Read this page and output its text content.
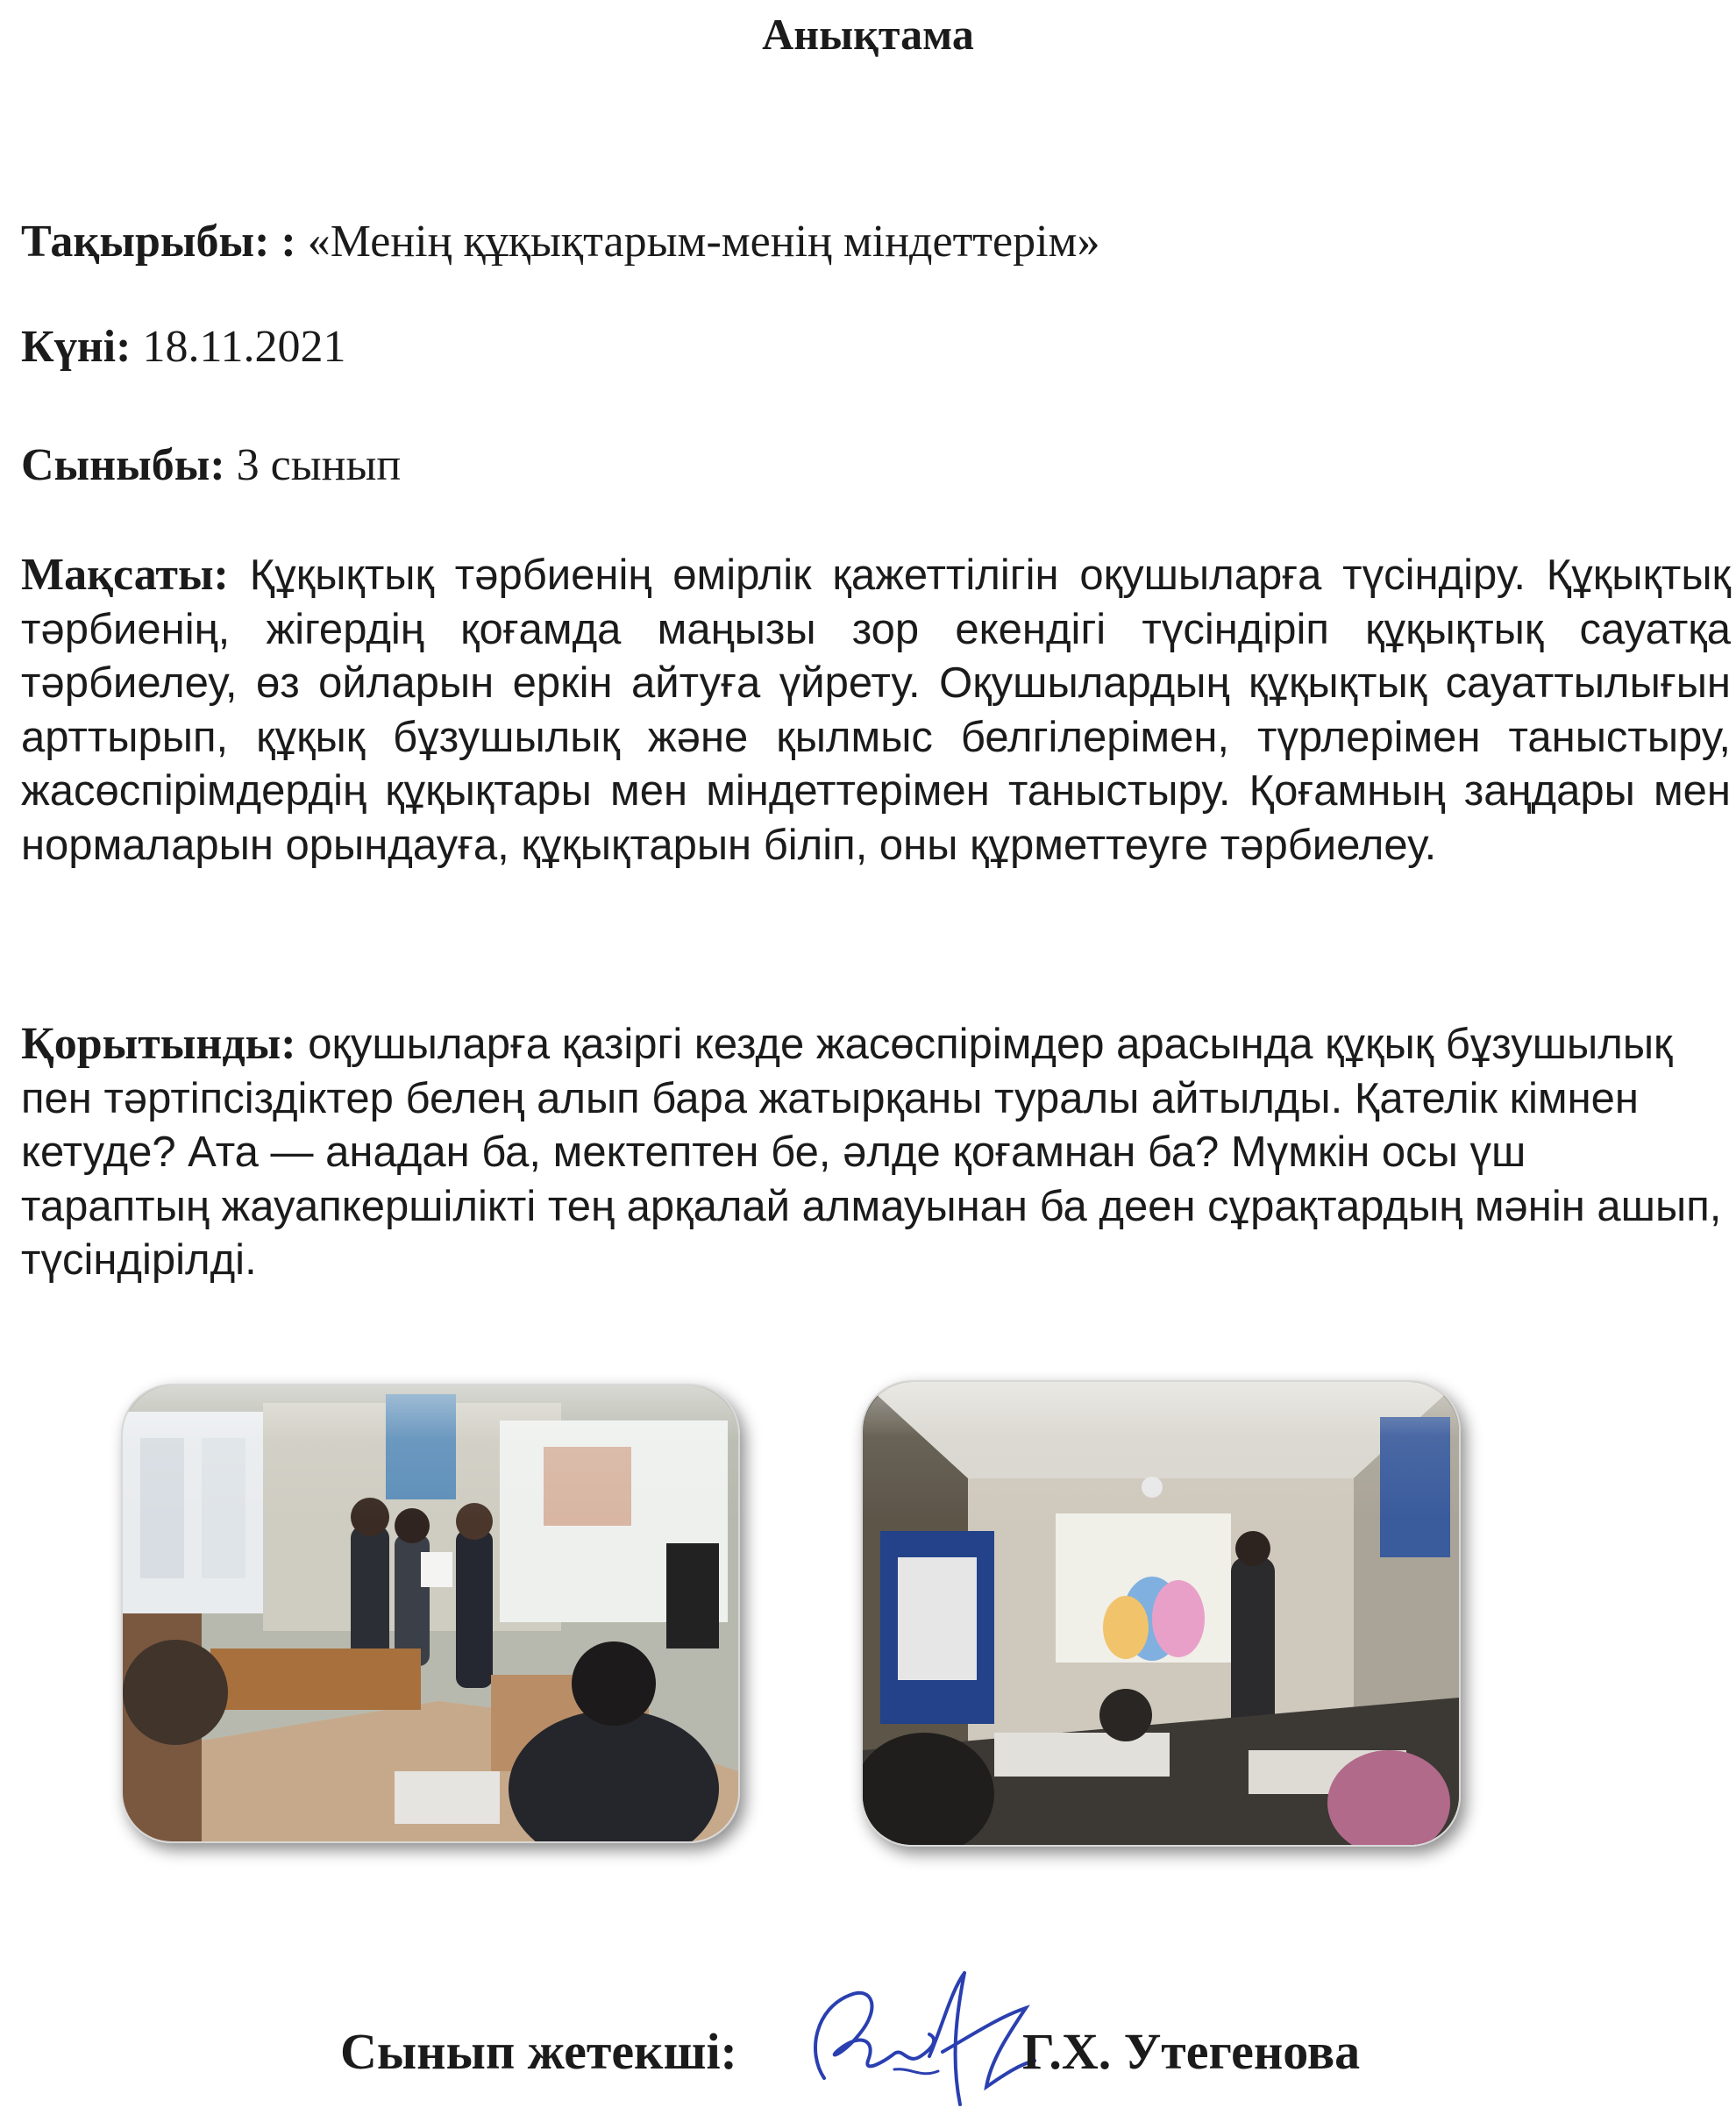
Анықтама
Тақырыбы: : «Менің құқықтарым-менің міндеттерім»
Күні: 18.11.2021
Сыныбы: 3 сынып
Мақсаты: Құқықтық тәрбиенің өмірлік қажеттілігін оқушыларға түсіндіру. Құқықтық тәрбиенің, жігердің қоғамда маңызы зор екендігі түсіндіріп құқықтық сауатқа тәрбиелеу, өз ойларын еркін айтуға үйрету. Оқушылардың құқықтық сауаттылығын арттырып, құқық бұзушылық және қылмыс белгілерімен, түрлерімен таныстыру, жасөспірімдердің құқықтары мен міндеттерімен таныстыру. Қоғамның заңдары мен нормаларын орындауға, құқықтарын біліп, оны құрметтеуге тәрбиелеу.
Қорытынды: оқушыларға қазіргі кезде жасөспірімдер арасында құқық бұзушылық пен тәртіпсіздіктер белең алып бара жатырқаны туралы айтылды. Қателік кімнен кетуде? Ата — анадан ба, мектептен бе, әлде қоғамнан ба? Мүмкін осы үш тараптың жауапкершілікті тең арқалай алмауынан ба деен сұрақтардың мәнін ашып, түсіндірілді.
Сынып жетекші:	Г.Х. Утегенова
